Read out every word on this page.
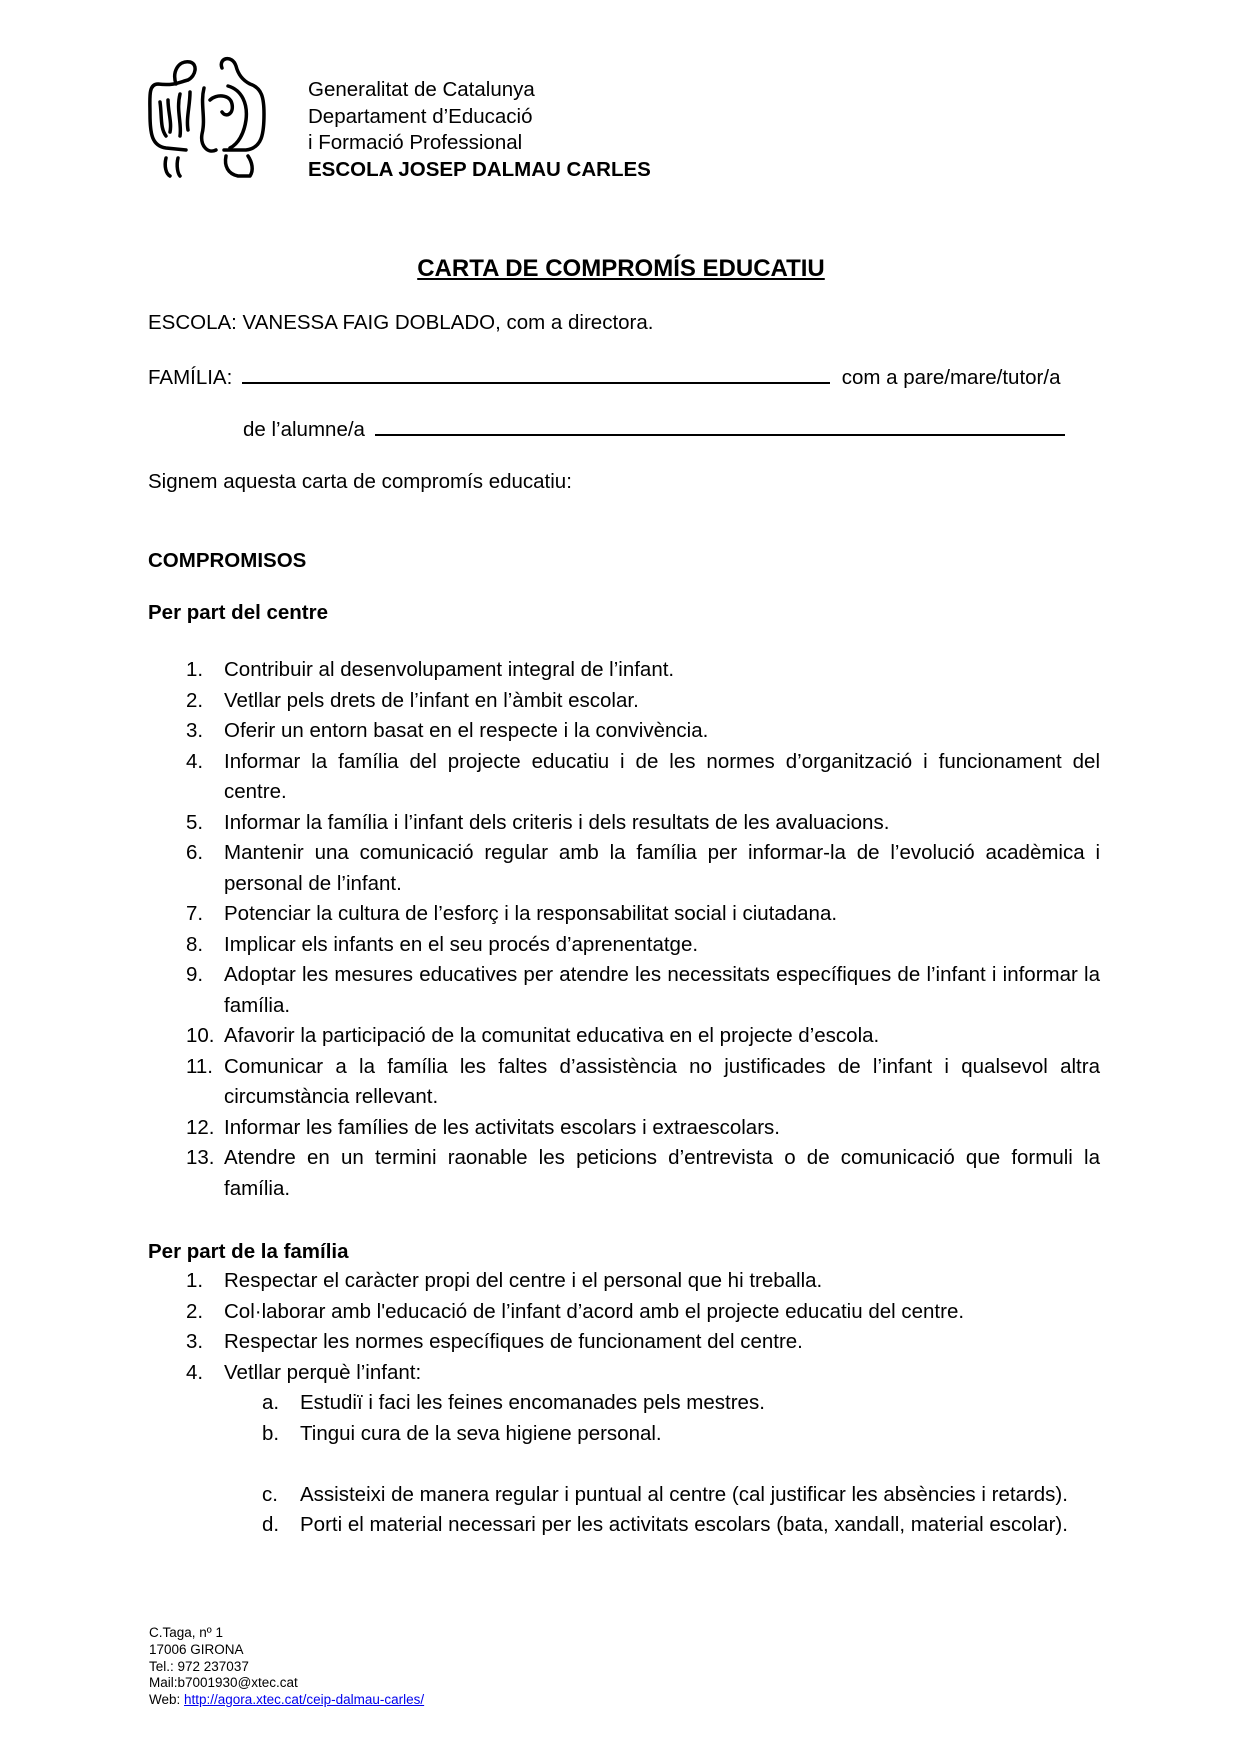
Generalitat de Catalunya
Departament d’Educació
i Formació Professional
ESCOLA JOSEP DALMAU CARLES
CARTA DE COMPROMÍS EDUCATIU
ESCOLA: VANESSA FAIG DOBLADO, com a directora.
FAMÍLIA:	com a pare/mare/tutor/a
de l’alumne/a
Signem aquesta carta de compromís educatiu:
COMPROMISOS
Per part del centre
1.	Contribuir al desenvolupament integral de l’infant.
2.	Vetllar pels drets de l’infant en l’àmbit escolar.
3.	Oferir un entorn basat en el respecte i la convivència.
4.	Informar la família del projecte educatiu i de les normes d’organització i funcionament del centre.
5.	Informar la família i l’infant dels criteris i dels resultats de les avaluacions.
6.	Mantenir una comunicació regular amb la família per informar-la de l’evolució acadèmica i personal de l’infant.
7.	Potenciar la cultura de l’esforç i la responsabilitat social i ciutadana.
8.	Implicar els infants en el seu procés d’aprenentatge.
9.	Adoptar les mesures educatives per atendre les necessitats específiques de l’infant i informar la família.
10. Afavorir la participació de la comunitat educativa en el projecte d’escola.
11. Comunicar a la família les faltes d’assistència no justificades de l’infant i qualsevol altra circumstància rellevant.
12. Informar les famílies de les activitats escolars i extraescolars.
13. Atendre en un termini raonable les peticions d’entrevista o de comunicació que formuli la família.
Per part de la família
1.	Respectar el caràcter propi del centre i el personal que hi treballa.
2.	Col·laborar amb l'educació de l’infant d’acord amb el projecte educatiu del centre.
3.	Respectar les normes específiques de funcionament del centre.
4.	Vetllar perquè l’infant:
a.	Estudiï i faci les feines encomanades pels mestres.
b.	Tingui cura de la seva higiene personal.
c.	Assisteixi de manera regular i puntual al centre (cal justificar les absències i retards).
d.	Porti el material necessari per les activitats escolars (bata, xandall, material escolar).
C.Taga, nº 1
17006 GIRONA
Tel.: 972 237037
Mail:b7001930@xtec.cat
Web: http://agora.xtec.cat/ceip-dalmau-carles/
